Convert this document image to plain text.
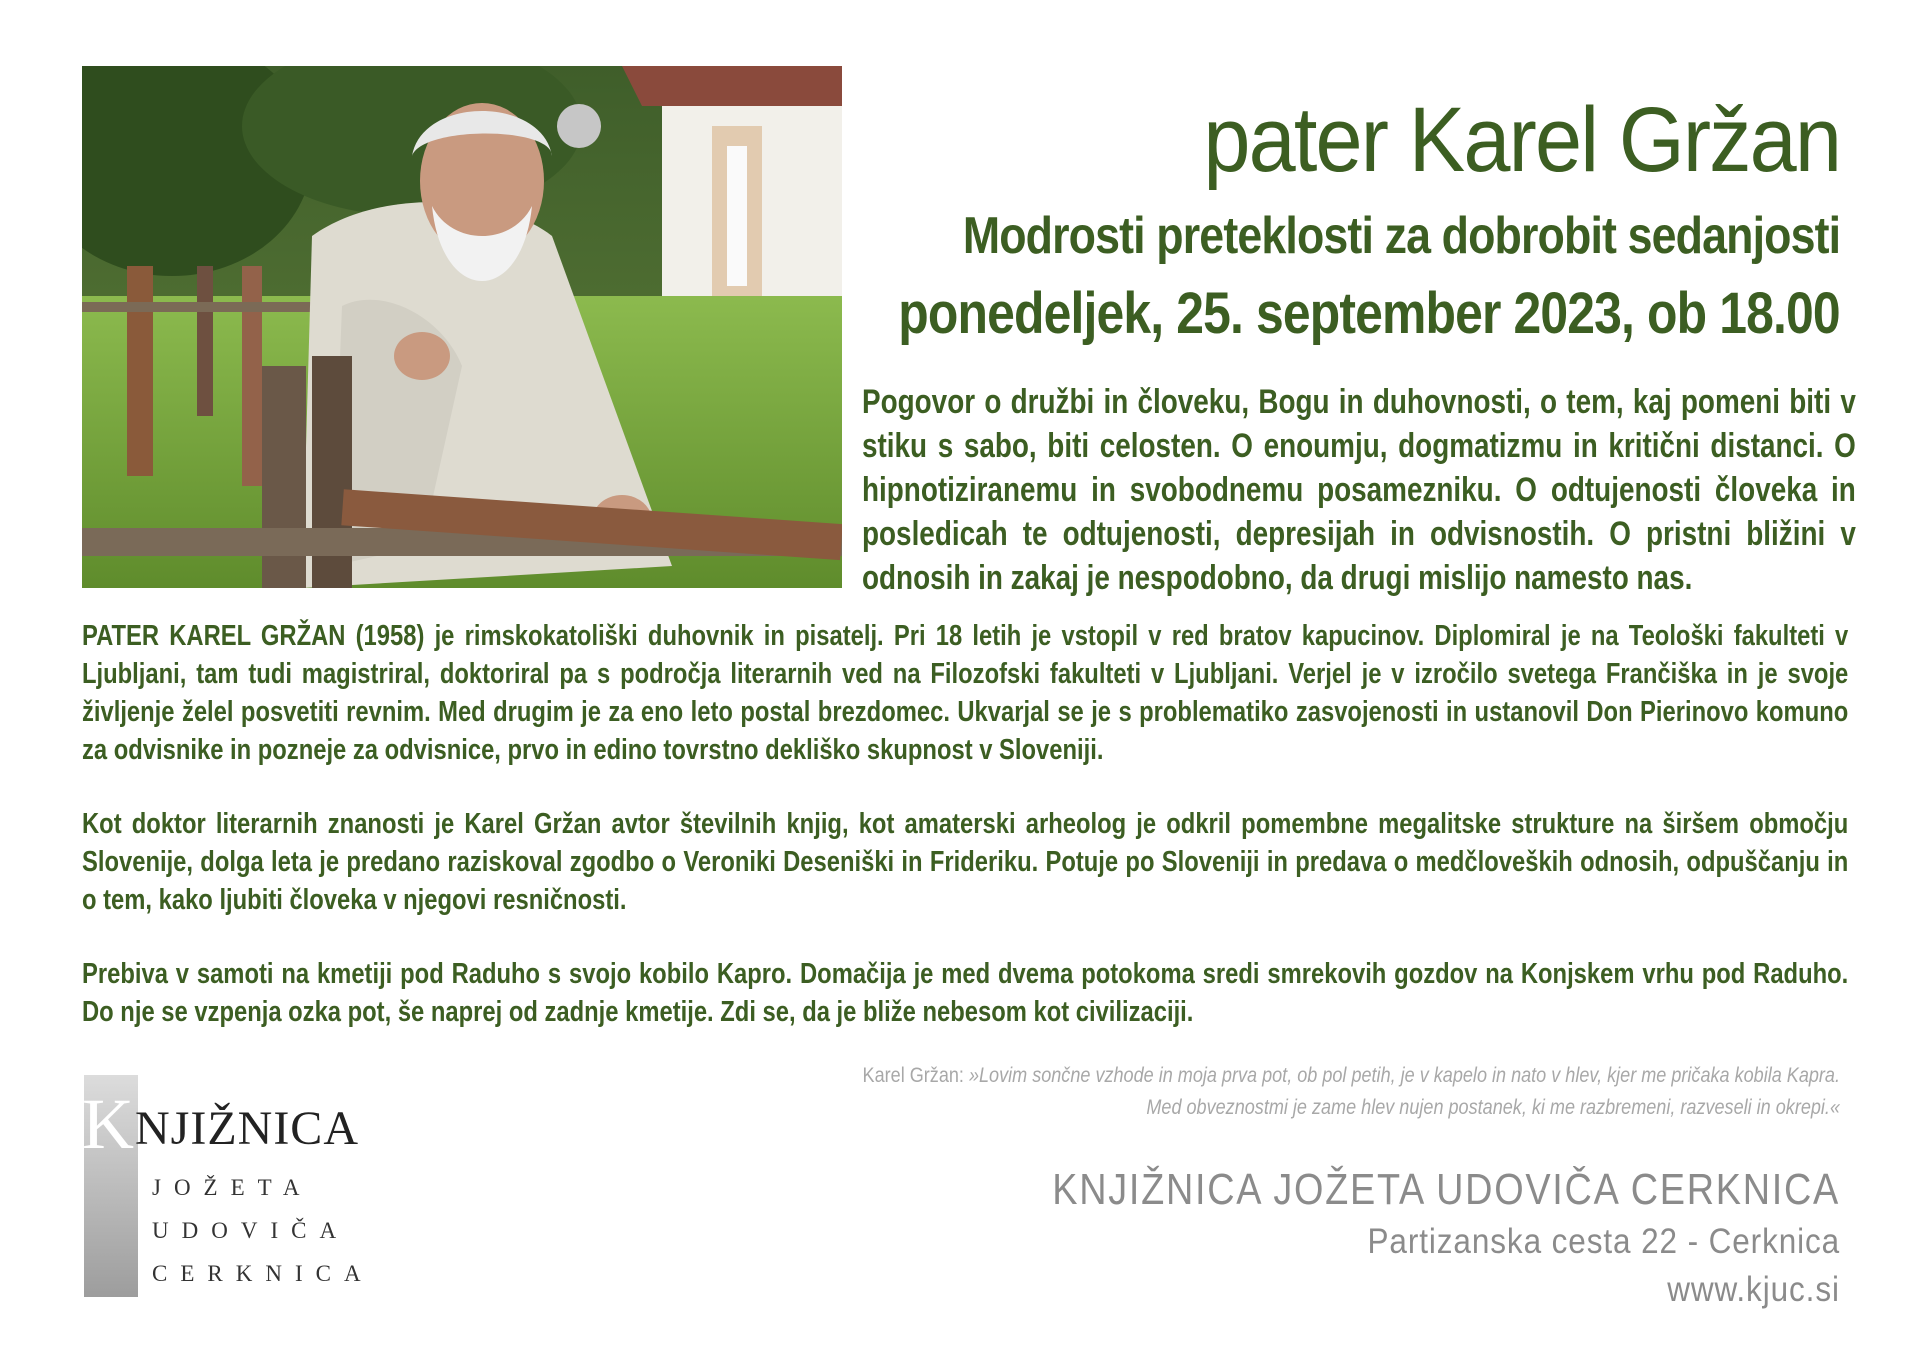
pater Karel Gržan
Modrosti preteklosti za dobrobit sedanjosti
ponedeljek, 25. september 2023, ob 18.00

Pogovor o družbi in človeku, Bogu in duhovnosti, o tem, kaj pomeni biti v stiku s sabo, biti celosten. O enoumju, dogmatizmu in kritični distanci. O hipnotiziranemu in svobodnemu posamezniku. O odtujenosti človeka in posledicah te odtujenosti, depresijah in odvisnostih. O pristni bližini v odnosih in zakaj je nespodobno, da drugi mislijo namesto nas.

PATER KAREL GRŽAN (1958) je rimskokatoliški duhovnik in pisatelj. Pri 18 letih je vstopil v red bratov kapucinov. Diplomiral je na Teološki fakulteti v Ljubljani, tam tudi magistriral, doktoriral pa s področja literarnih ved na Filozofski fakulteti v Ljubljani. Verjel je v izročilo svetega Frančiška in je svoje življenje želel posvetiti revnim. Med drugim je za eno leto postal brezdomec. Ukvarjal se je s problematiko zasvojenosti in ustanovil Don Pierinovo komuno za odvisnike in pozneje za odvisnice, prvo in edino tovrstno dekliško skupnost v Sloveniji.

Kot doktor literarnih znanosti je Karel Gržan avtor številnih knjig, kot amaterski arheolog je odkril pomembne megalitske strukture na širšem območju Slovenije, dolga leta je predano raziskoval zgodbo o Veroniki Deseniški in Frideriku. Potuje po Sloveniji in predava o medčloveških odnosih, odpuščanju in o tem, kako ljubiti človeka v njegovi resničnosti.

Prebiva v samoti na kmetiji pod Raduho s svojo kobilo Kapro. Domačija je med dvema potokoma sredi smrekovih gozdov na Konjskem vrhu pod Raduho. Do nje se vzpenja ozka pot, še naprej od zadnje kmetije. Zdi se, da je bliže nebesom kot civilizaciji.

Karel Gržan: »Lovim sončne vzhode in moja prva pot, ob pol petih, je v kapelo in nato v hlev, kjer me pričaka kobila Kapra.
Med obveznostmi je zame hlev nujen postanek, ki me razbremeni, razveseli in okrepi.«
KNJIŽNICA
JOŽETA
UDOVIČA
CERKNICA
KNJIŽNICA JOŽETA UDOVIČA CERKNICA
Partizanska cesta 22 - Cerknica
www.kjuc.si
